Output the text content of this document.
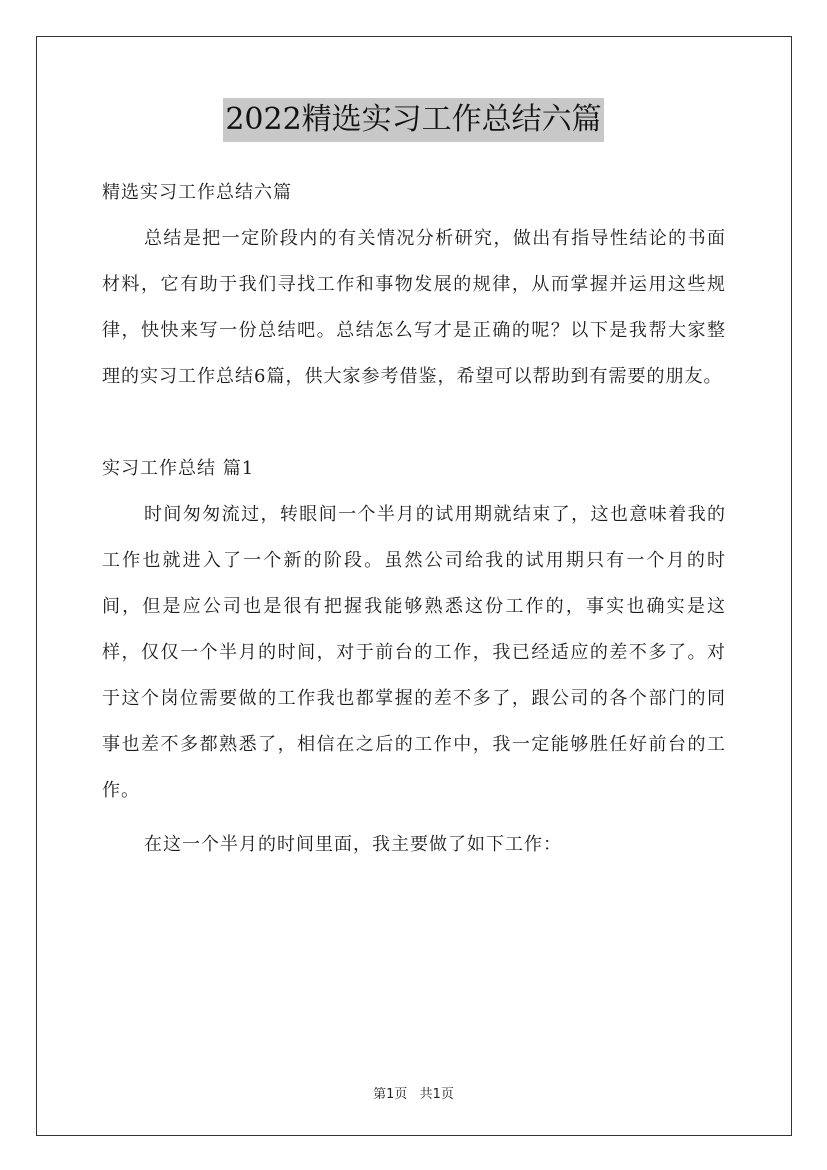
2022精选实习工作总结六篇

精选实习工作总结六篇

总结是把一定阶段内的有关情况分析研究，做出有指导性结论的书面材料，它有助于我们寻找工作和事物发展的规律，从而掌握并运用这些规律，快快来写一份总结吧。总结怎么写才是正确的呢？以下是我帮大家整理的实习工作总结6篇，供大家参考借鉴，希望可以帮助到有需要的朋友。

实习工作总结 篇1

时间匆匆流过，转眼间一个半月的试用期就结束了，这也意味着我的工作也就进入了一个新的阶段。虽然公司给我的试用期只有一个月的时间，但是应公司也是很有把握我能够熟悉这份工作的，事实也确实是这样，仅仅一个半月的时间，对于前台的工作，我已经适应的差不多了。对于这个岗位需要做的工作我也都掌握的差不多了，跟公司的各个部门的同事也差不多都熟悉了，相信在之后的工作中，我一定能够胜任好前台的工作。

在这一个半月的时间里面，我主要做了如下工作：

第1页 共1页
